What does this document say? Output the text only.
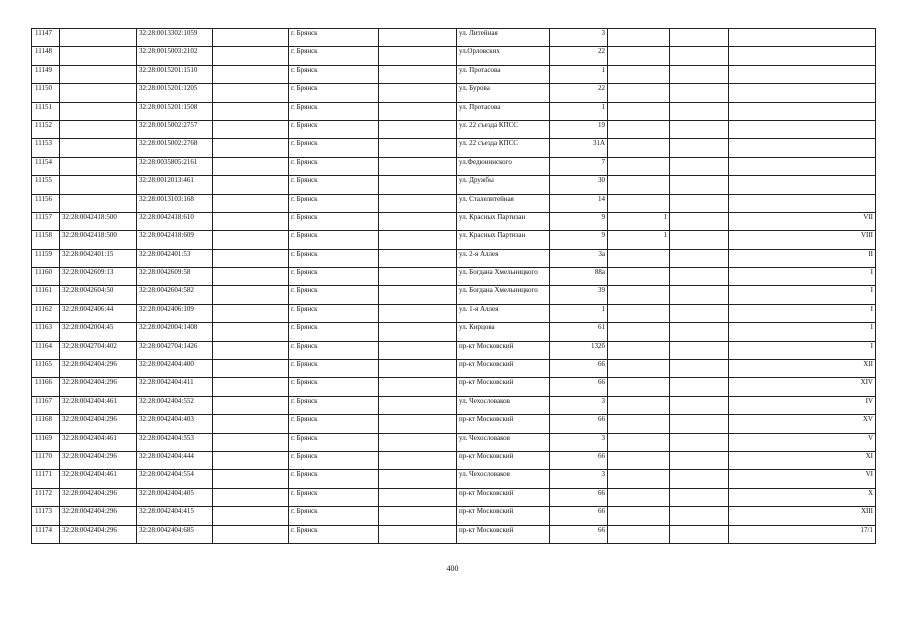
11147		32:28:0013302:1059		г. Брянск		ул. Литейная	3			
11148		32:28:0015003:2102		г. Брянск		ул.Орловских	22			
11149		32:28:0015201:1510		г. Брянск		ул. Протасова	1			
11150		32:28:0015201:1205		г. Брянск		ул. Бурова	22			
11151		32:28:0015201:1508		г. Брянск		ул. Протасова	1			
11152		32:28:0015002:2757		г. Брянск		ул. 22 съезда КПСС	19			
11153		32:28:0015002:2768		г. Брянск		ул. 22 съезда КПСС	31А			
11154		32:28:0035805:2161		г. Брянск		ул.Федюнинского	7			
11155		32:28:0012013:461		г. Брянск		ул. Дружбы	30			
11156		32:28:0013103:168		г. Брянск		ул. Сталелитейная	14			
11157	32:28:0042418:500	32:28:0042418:610		г. Брянск		ул. Красных Партизан	9	1		VII
11158	32:28:0042418:500	32:28:0042418:609		г. Брянск		ул. Красных Партизан	9	1		VIII
11159	32:28:0042401:15	32:28:0042401:53		г. Брянск		ул. 2-я Аллея	3а			II
11160	32:28:0042609:13	32:28:0042609:58		г. Брянск		ул. Богдана Хмельницкого	88а			I
11161	32:28:0042604:50	32:28:0042604:582		г. Брянск		ул. Богдана Хмельницкого	39			I
11162	32:28:0042406:44	32:28:0042406:109		г. Брянск		ул. 1-я Аллея	1			I
11163	32:28:0042004:45	32:28:0042004:1408		г. Брянск		ул. Кирцова	61			I
11164	32:28:0042704:402	32:28:0042704:1426		г. Брянск		пр-кт Московский	132б			I
11165	32:28:0042404:296	32:28:0042404:400		г. Брянск		пр-кт Московский	66			XII
11166	32:28:0042404:296	32:28:0042404:411		г. Брянск		пр-кт Московский	66			XIV
11167	32:28:0042404:461	32:28:0042404:552		г. Брянск		ул. Чехословаков	3			IV
11168	32:28:0042404:296	32:28:0042404:403		г. Брянск		пр-кт Московский	66			XV
11169	32:28:0042404:461	32:28:0042404:553		г. Брянск		ул. Чехословаков	3			V
11170	32:28:0042404:296	32:28:0042404:444		г. Брянск		пр-кт Московский	66			XI
11171	32:28:0042404:461	32:28:0042404:554		г. Брянск		ул. Чехословаков	3			VI
11172	32:28:0042404:296	32:28:0042404:405		г. Брянск		пр-кт Московский	66			X
11173	32:28:0042404:296	32:28:0042404:415		г. Брянск		пр-кт Московский	66			XIII
11174	32:28:0042404:296	32:28:0042404:685		г. Брянск		пр-кт Московский	66			17/1
400
